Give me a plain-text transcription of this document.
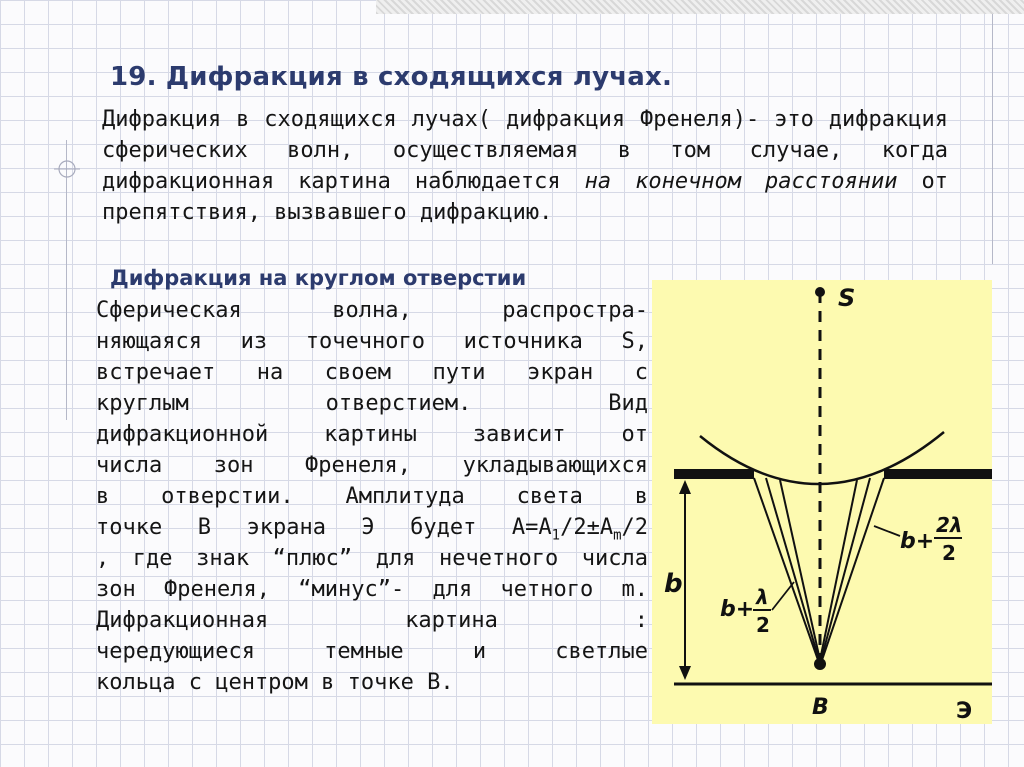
19. Дифракция в сходящихся лучах.
Дифракция в сходящихся лучах( дифракция Френеля)- это дифракция сферических волн, осуществляемая в том случае, когда дифракционная картина наблюдается на конечном расстоянии от препятствия, вызвавшего дифракцию.
Дифракция на круглом отверстии
Сферическая волна, распростра-
няющаяся из точечного источника S,
встречает на своем пути экран с
круглым отверстием. Вид
дифракционной картины зависит от
числа зон Френеля, укладывающихся
в отверстии. Амплитуда света в
точке В экрана Э будет $А=А_1/2\pm А_m/2$
, где знак “плюс” для нечетного числа
зон Френеля, “минус”- для четного m.
Дифракционная картина :
чередующиеся темные и светлые
кольца с центром в точке В.
S
B	Э
b
b+ λ
2
b+
2λ
2
